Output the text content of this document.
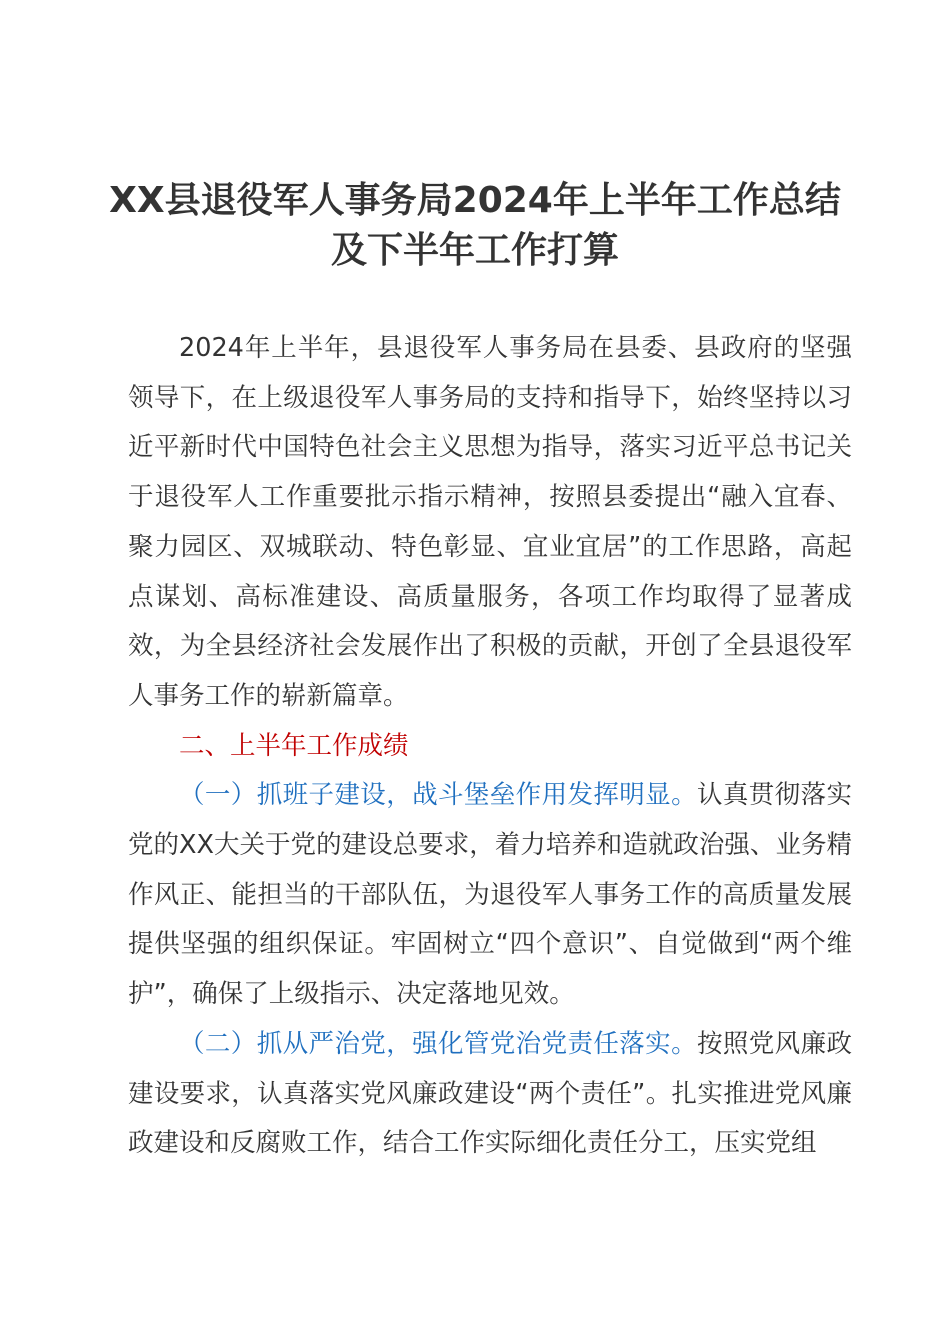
XX县退役军人事务局2024年上半年工作总结
及下半年工作打算

2024年上半年，县退役军人事务局在县委、县政府的坚强领导下，在上级退役军人事务局的支持和指导下，始终坚持以习近平新时代中国特色社会主义思想为指导，落实习近平总书记关于退役军人工作重要批示指示精神，按照县委提出“融入宜春、聚力园区、双城联动、特色彰显、宜业宜居”的工作思路，高起点谋划、高标准建设、高质量服务，各项工作均取得了显著成效，为全县经济社会发展作出了积极的贡献，开创了全县退役军人事务工作的崭新篇章。

二、上半年工作成绩

（一）抓班子建设，战斗堡垒作用发挥明显。认真贯彻落实党的XX大关于党的建设总要求，着力培养和造就政治强、业务精作风正、能担当的干部队伍，为退役军人事务工作的高质量发展提供坚强的组织保证。牢固树立“四个意识”、自觉做到“两个维护”，确保了上级指示、决定落地见效。

（二）抓从严治党，强化管党治党责任落实。按照党风廉政建设要求，认真落实党风廉政建设“两个责任”。扎实推进党风廉政建设和反腐败工作，结合工作实际细化责任分工，压实党组
